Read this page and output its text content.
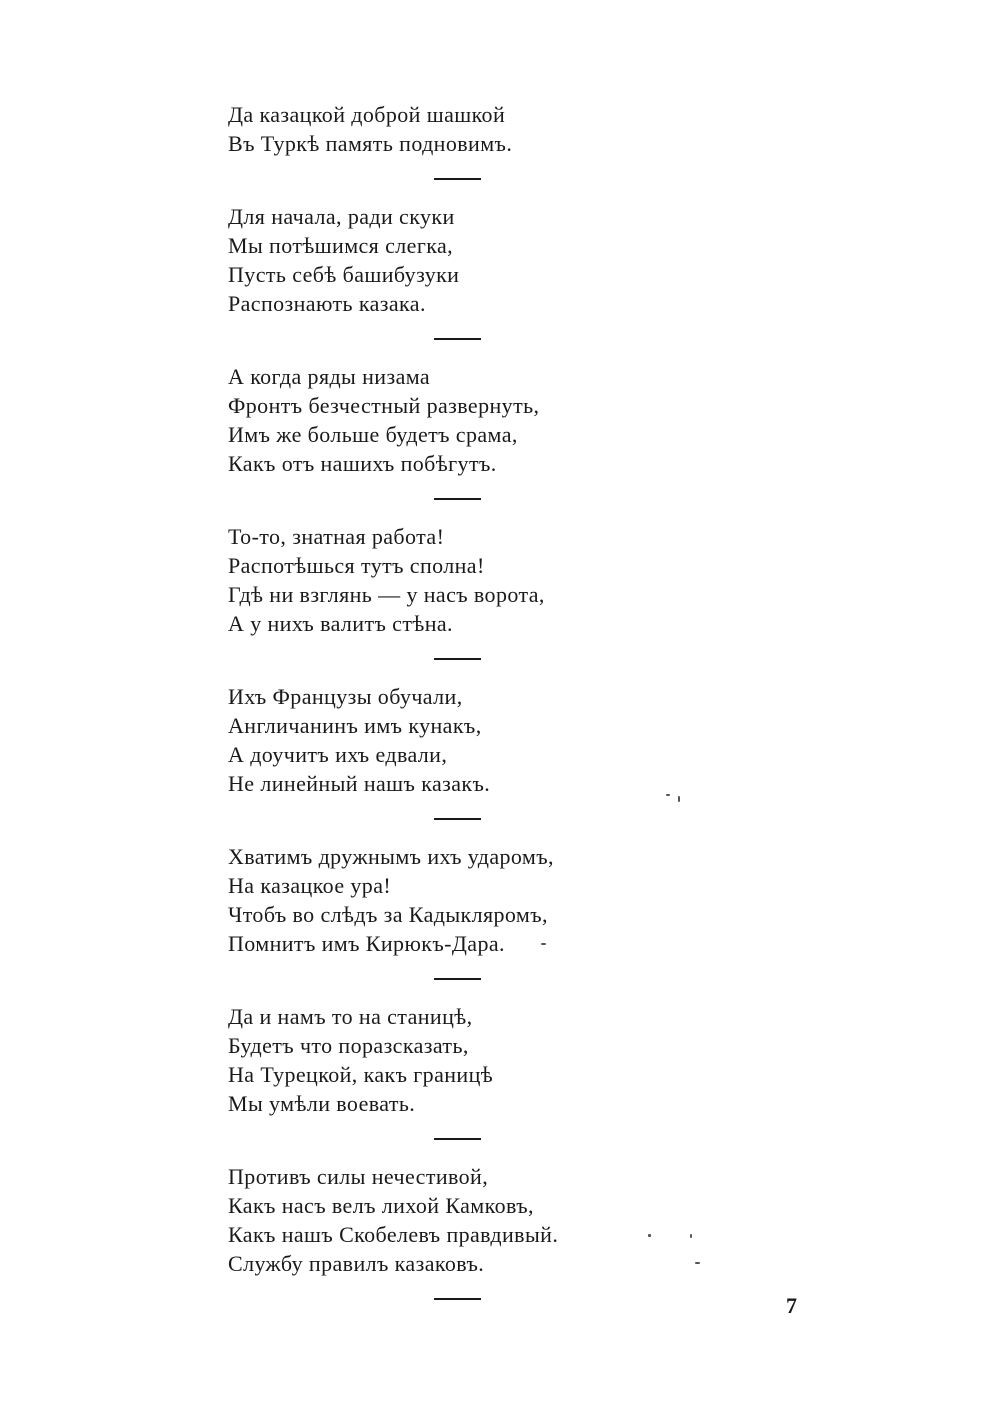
Да казацкой доброй шашкой
Въ Туркѣ память подновимъ.
Для начала, ради скуки
Мы потѣшимся слегка,
Пусть себѣ башибузуки
Распознають казака.
А когда ряды низама
Фронтъ безчестный развернуть,
Имъ же больше будетъ срама,
Какъ отъ нашихъ побѣгутъ.
То-то, знатная работа!
Распотѣшься тутъ сполна!
Гдѣ ни взглянь — у насъ ворота,
А у нихъ валитъ стѣна.
Ихъ Французы обучали,
Англичанинъ имъ кунакъ,
А доучитъ ихъ едвали,
Не линейный нашъ казакъ.
Хватимъ дружнымъ ихъ ударомъ,
На казацкое ура!
Чтобъ во слѣдъ за Кадыкляромъ,
Помнитъ имъ Кирюкъ-Дара.
Да и намъ то на станицѣ,
Будетъ что поразсказать,
На Турецкой, какъ границѣ
Мы умѣли воевать.
Противъ силы нечестивой,
Какъ насъ велъ лихой Камковъ,
Какъ нашъ Скобелевъ правдивый.
Службу правилъ казаковъ.
7
